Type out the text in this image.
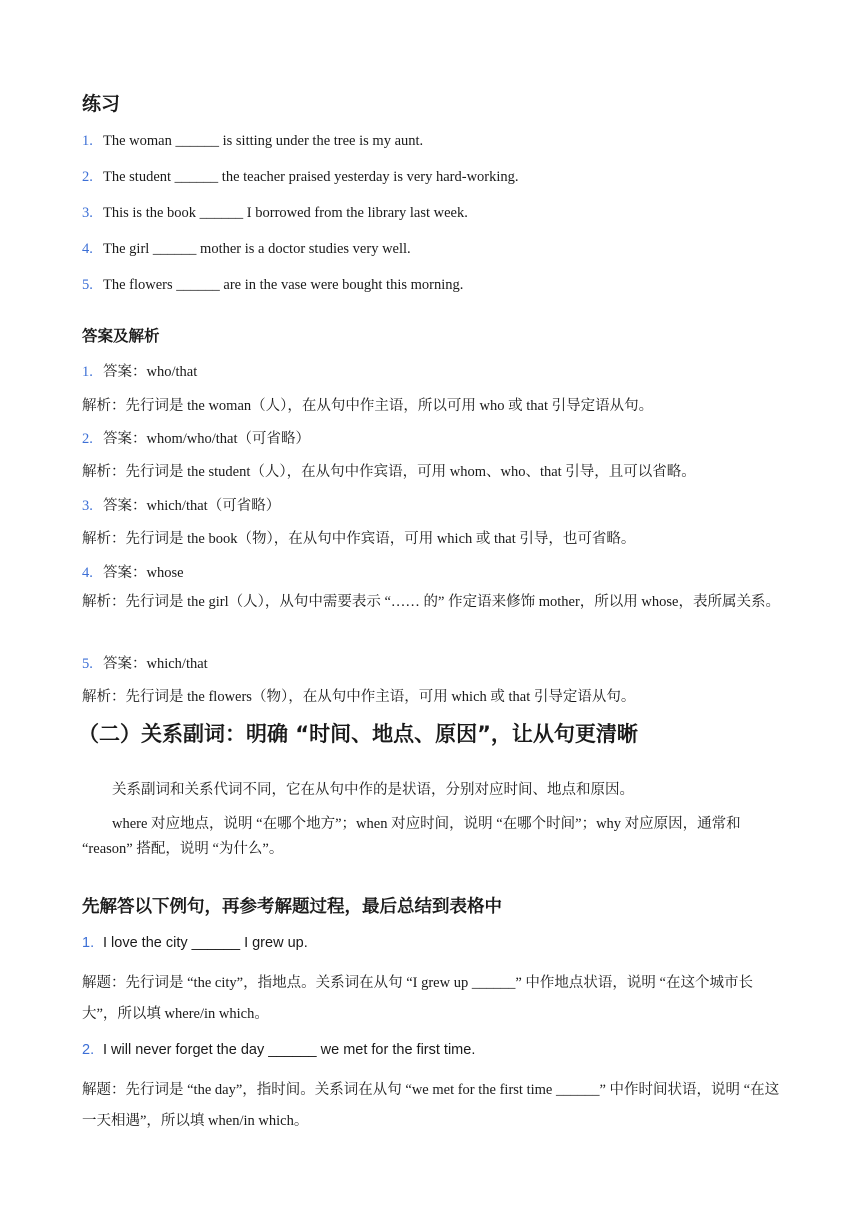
练习
1. The woman ______ is sitting under the tree is my aunt.
2. The student ______ the teacher praised yesterday is very hard-working.
3. This is the book ______ I borrowed from the library last week.
4. The girl ______ mother is a doctor studies very well.
5. The flowers ______ are in the vase were bought this morning.
答案及解析
1. 答案：who/that
解析：先行词是 the woman（人），在从句中作主语，所以可用 who 或 that 引导定语从句。
2. 答案：whom/who/that（可省略）
解析：先行词是 the student（人），在从句中作宾语，可用 whom、who、that 引导，且可以省略。
3. 答案：which/that（可省略）
解析：先行词是 the book（物），在从句中作宾语，可用 which 或 that 引导，也可省略。
4. 答案：whose
解析：先行词是 the girl（人），从句中需要表示 “…… 的” 作定语来修饰 mother，所以用 whose，表所属关系。
5. 答案：which/that
解析：先行词是 the flowers（物），在从句中作主语，可用 which 或 that 引导定语从句。
（二）关系副词：明确 “时间、地点、原因”，让从句更清晰
关系副词和关系代词不同，它在从句中作的是状语，分别对应时间、地点和原因。
where 对应地点，说明 “在哪个地方”；when 对应时间，说明 “在哪个时间”；why 对应原因，通常和 “reason” 搭配，说明 “为什么”。
先解答以下例句，再参考解题过程，最后总结到表格中
1. I love the city ______ I grew up.
解题：先行词是 “the city”，指地点。关系词在从句 “I grew up ______” 中作地点状语，说明 “在这个城市长大”，所以填 where/in which。
2. I will never forget the day ______ we met for the first time.
解题：先行词是 “the day”，指时间。关系词在从句 “we met for the first time ______” 中作时间状语，说明 “在这一天相遇”，所以填 when/in which。
